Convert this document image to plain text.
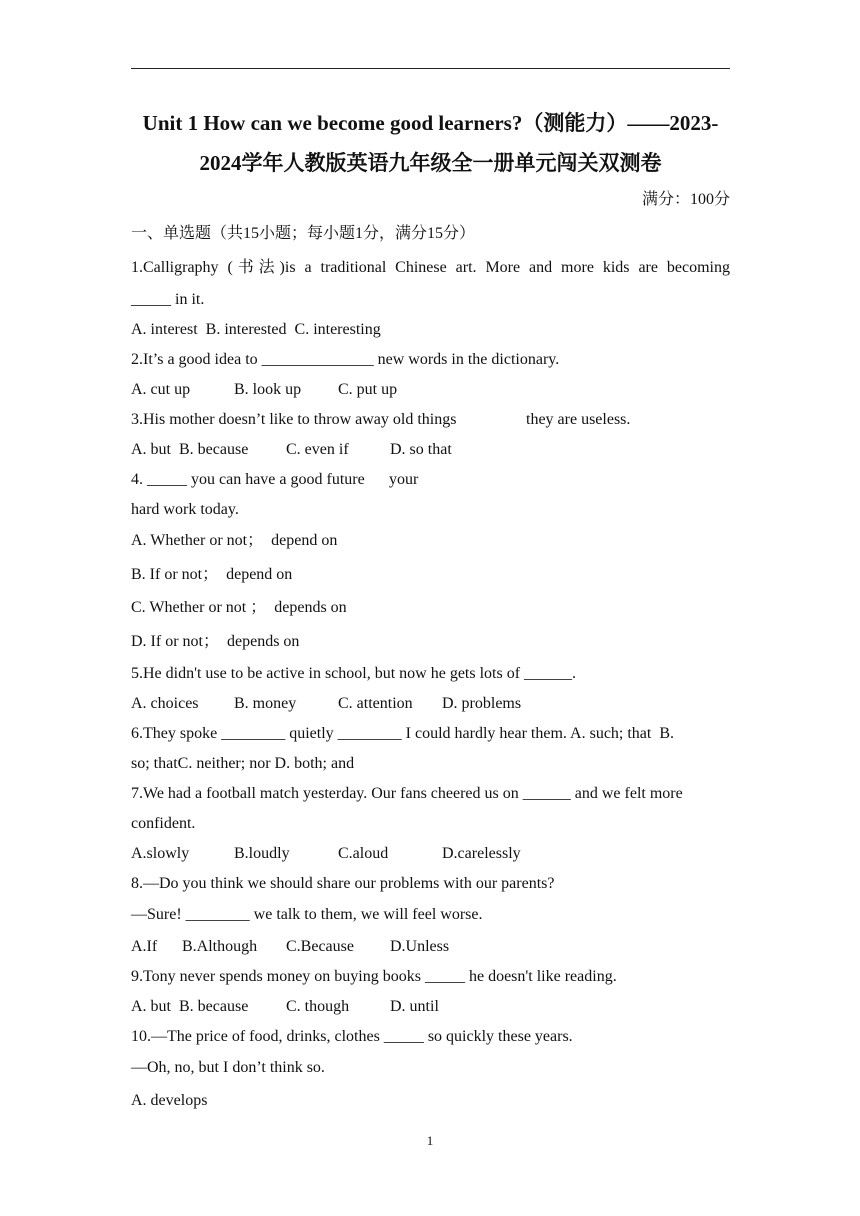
Unit 1 How can we become good learners?（测能力）——2023-
2024学年人教版英语九年级全一册单元闯关双测卷
满分：100分
一、单选题（共15小题；每小题1分，满分15分）
1.Calligraphy (书法)is a traditional Chinese art. More and more kids are becoming
_____ in it.
A. interest  B. interested  C. interesting
2.It’s a good idea to ______________ new words in the dictionary.
A. cut up	B. look up C. put up
3.His mother doesn’t like to throw away old things	they are useless.
A. but  B. because C. even if	D. so that
4. _____ you can have a good future your
hard work today.
A. Whether or not；  depend on
B. If or not；  depend on
C. Whether or not ；  depends on
D. If or not；  depends on
5.He didn't use to be active in school, but now he gets lots of ______.
A. choices B. money	C. attention D. problems
6.They spoke ________ quietly ________ I could hardly hear them. A. such; that  B.
so; thatC. neither; nor D. both; and
7.We had a football match yesterday. Our fans cheered us on ______ and we felt more
confident.
A.slowly	B.loudly	C.aloud	D.carelessly
8.—Do you think we should share our problems with our parents?
—Sure! ________ we talk to them, we will feel worse.
A.If B.Although C.Because D.Unless
9.Tony never spends money on buying books _____ he doesn't like reading.
A. but  B. because C. though	D. until
10.—The price of food, drinks, clothes _____ so quickly these years.
—Oh, no, but I don’t think so.
A. develops
1
